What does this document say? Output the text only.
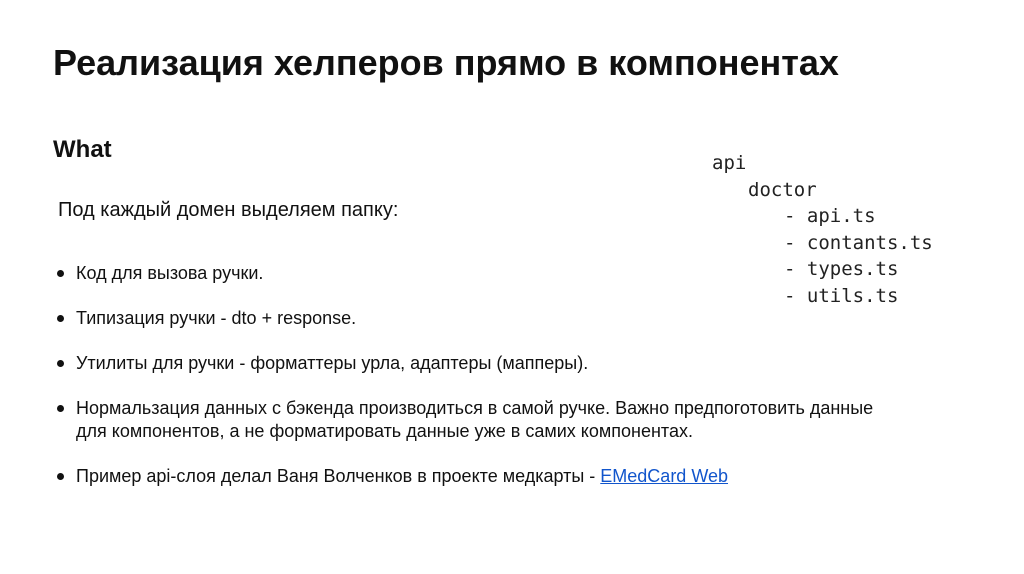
Реализация хелперов прямо в компонентах
What

Под каждый домен выделяем папку:

Код для вызова ручки.
Типизация ручки - dto + response.
Утилиты для ручки - форматтеры урла, адаптеры (мапперы).
Нормальзация данных с бэкенда производиться в самой ручке. Важно предпоготовить данные для компонентов, а не форматировать данные уже в самих компонентах.
Пример api-слоя делал Ваня Волченков в проекте медкарты - EMedCard Web
api
doctor
- api.ts
- contants.ts
- types.ts
- utils.ts
